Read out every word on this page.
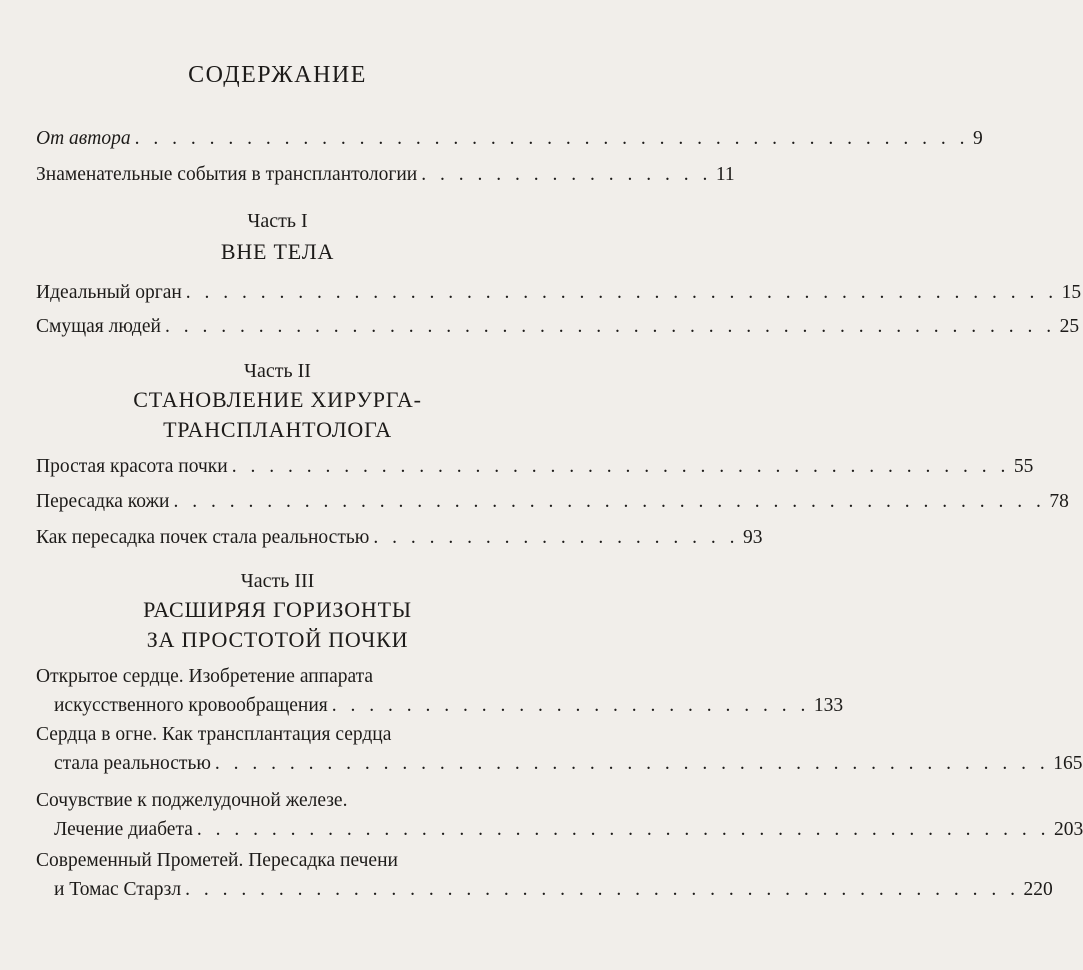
СОДЕРЖАНИЕ
От автора . . . . . . . . . . . . . . . . . . . . . . . . . . . . . . . . . . . . . . . . . . . . . 9
Знаменательные события в трансплантологии . . . . . . . . . . . . . . . . 11
Часть I
ВНЕ ТЕЛА
Идеальный орган . . . . . . . . . . . . . . . . . . . . . . . . . . . . . . . . . . . . . . . . . . . . . . . 15
Смущая людей . . . . . . . . . . . . . . . . . . . . . . . . . . . . . . . . . . . . . . . . . . . . . . . . 25
Часть II
СТАНОВЛЕНИЕ ХИРУРГА-
ТРАНСПЛАНТОЛОГА
Простая красота почки . . . . . . . . . . . . . . . . . . . . . . . . . . . . . . . . . . . . . . . . . . 55
Пересадка кожи . . . . . . . . . . . . . . . . . . . . . . . . . . . . . . . . . . . . . . . . . . . . . . . 78
Как пересадка почек стала реальностью . . . . . . . . . . . . . . . . . . . . 93
Часть III
РАСШИРЯЯ ГОРИЗОНТЫ
ЗА ПРОСТОТОЙ ПОЧКИ
Открытое сердце. Изобретение аппарата
искусственного кровообращения . . . . . . . . . . . . . . . . . . . . . . . . . . 133
Сердца в огне. Как трансплантация сердца
стала реальностью . . . . . . . . . . . . . . . . . . . . . . . . . . . . . . . . . . . . . . . . . . . . . 165
Сочувствие к поджелудочной железе.
Лечение диабета . . . . . . . . . . . . . . . . . . . . . . . . . . . . . . . . . . . . . . . . . . . . . . 203
Современный Прометей. Пересадка печени
и Томас Старзл . . . . . . . . . . . . . . . . . . . . . . . . . . . . . . . . . . . . . . . . . . . . . 220
